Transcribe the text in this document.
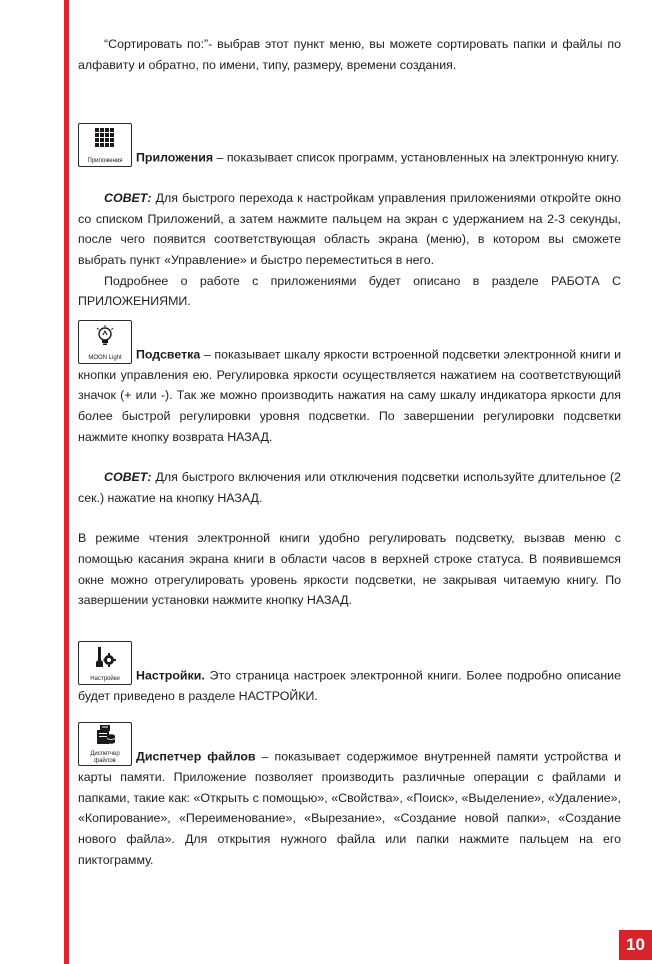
“Сортировать по:”- выбрав этот пункт меню, вы можете сортировать папки и файлы по алфавиту и обратно, по имени, типу, размеру, времени создания.

Приложения	Приложения – показывает список программ, установленных на электронную книгу.

СОВЕТ: Для быстрого перехода к настройкам управления приложениями откройте окно со списком Приложений, а затем нажмите пальцем на экран с удержанием на 2-3 секунды, после чего появится соответствующая область экрана (меню), в котором вы сможете выбрать пункт «Управление» и быстро переместиться в него.

Подробнее о работе с приложениями будет описано в разделе РАБОТА С ПРИЛОЖЕНИЯМИ.

MOON Light	Подсветка – показывает шкалу яркости встроенной подсветки электронной книги и кнопки управления ею. Регулировка яркости осуществляется нажатием на соответствующий значок (+ или -). Так же можно производить нажатия на саму шкалу индикатора яркости для более быстрой регулировки уровня подсветки. По завершении регулировки подсветки нажмите кнопку возврата НАЗАД.

СОВЕТ: Для быстрого включения или отключения подсветки используйте длительное (2 сек.) нажатие на кнопку НАЗАД.

В режиме чтения электронной книги удобно регулировать подсветку, вызвав меню с помощью касания экрана книги в области часов в верхней строке статуса. В появившемся окне можно отрегулировать уровень яркости подсветки, не закрывая читаемую книгу. По завершении установки нажмите кнопку НАЗАД.

Настройки	Настройки. Это страница настроек электронной книги. Более подробно описание будет приведено в разделе НАСТРОЙКИ.

Диспетчер
файлов	Диспетчер файлов – показывает содержимое внутренней памяти устройства и карты памяти. Приложение позволяет производить различные операции с файлами и папками, такие как: «Открыть с помощью», «Свойства», «Поиск», «Выделение», «Удаление», «Копирование», «Переименование», «Вырезание», «Создание новой папки», «Создание нового файла». Для открытия нужного файла или папки нажмите пальцем на его пиктограмму.

10
